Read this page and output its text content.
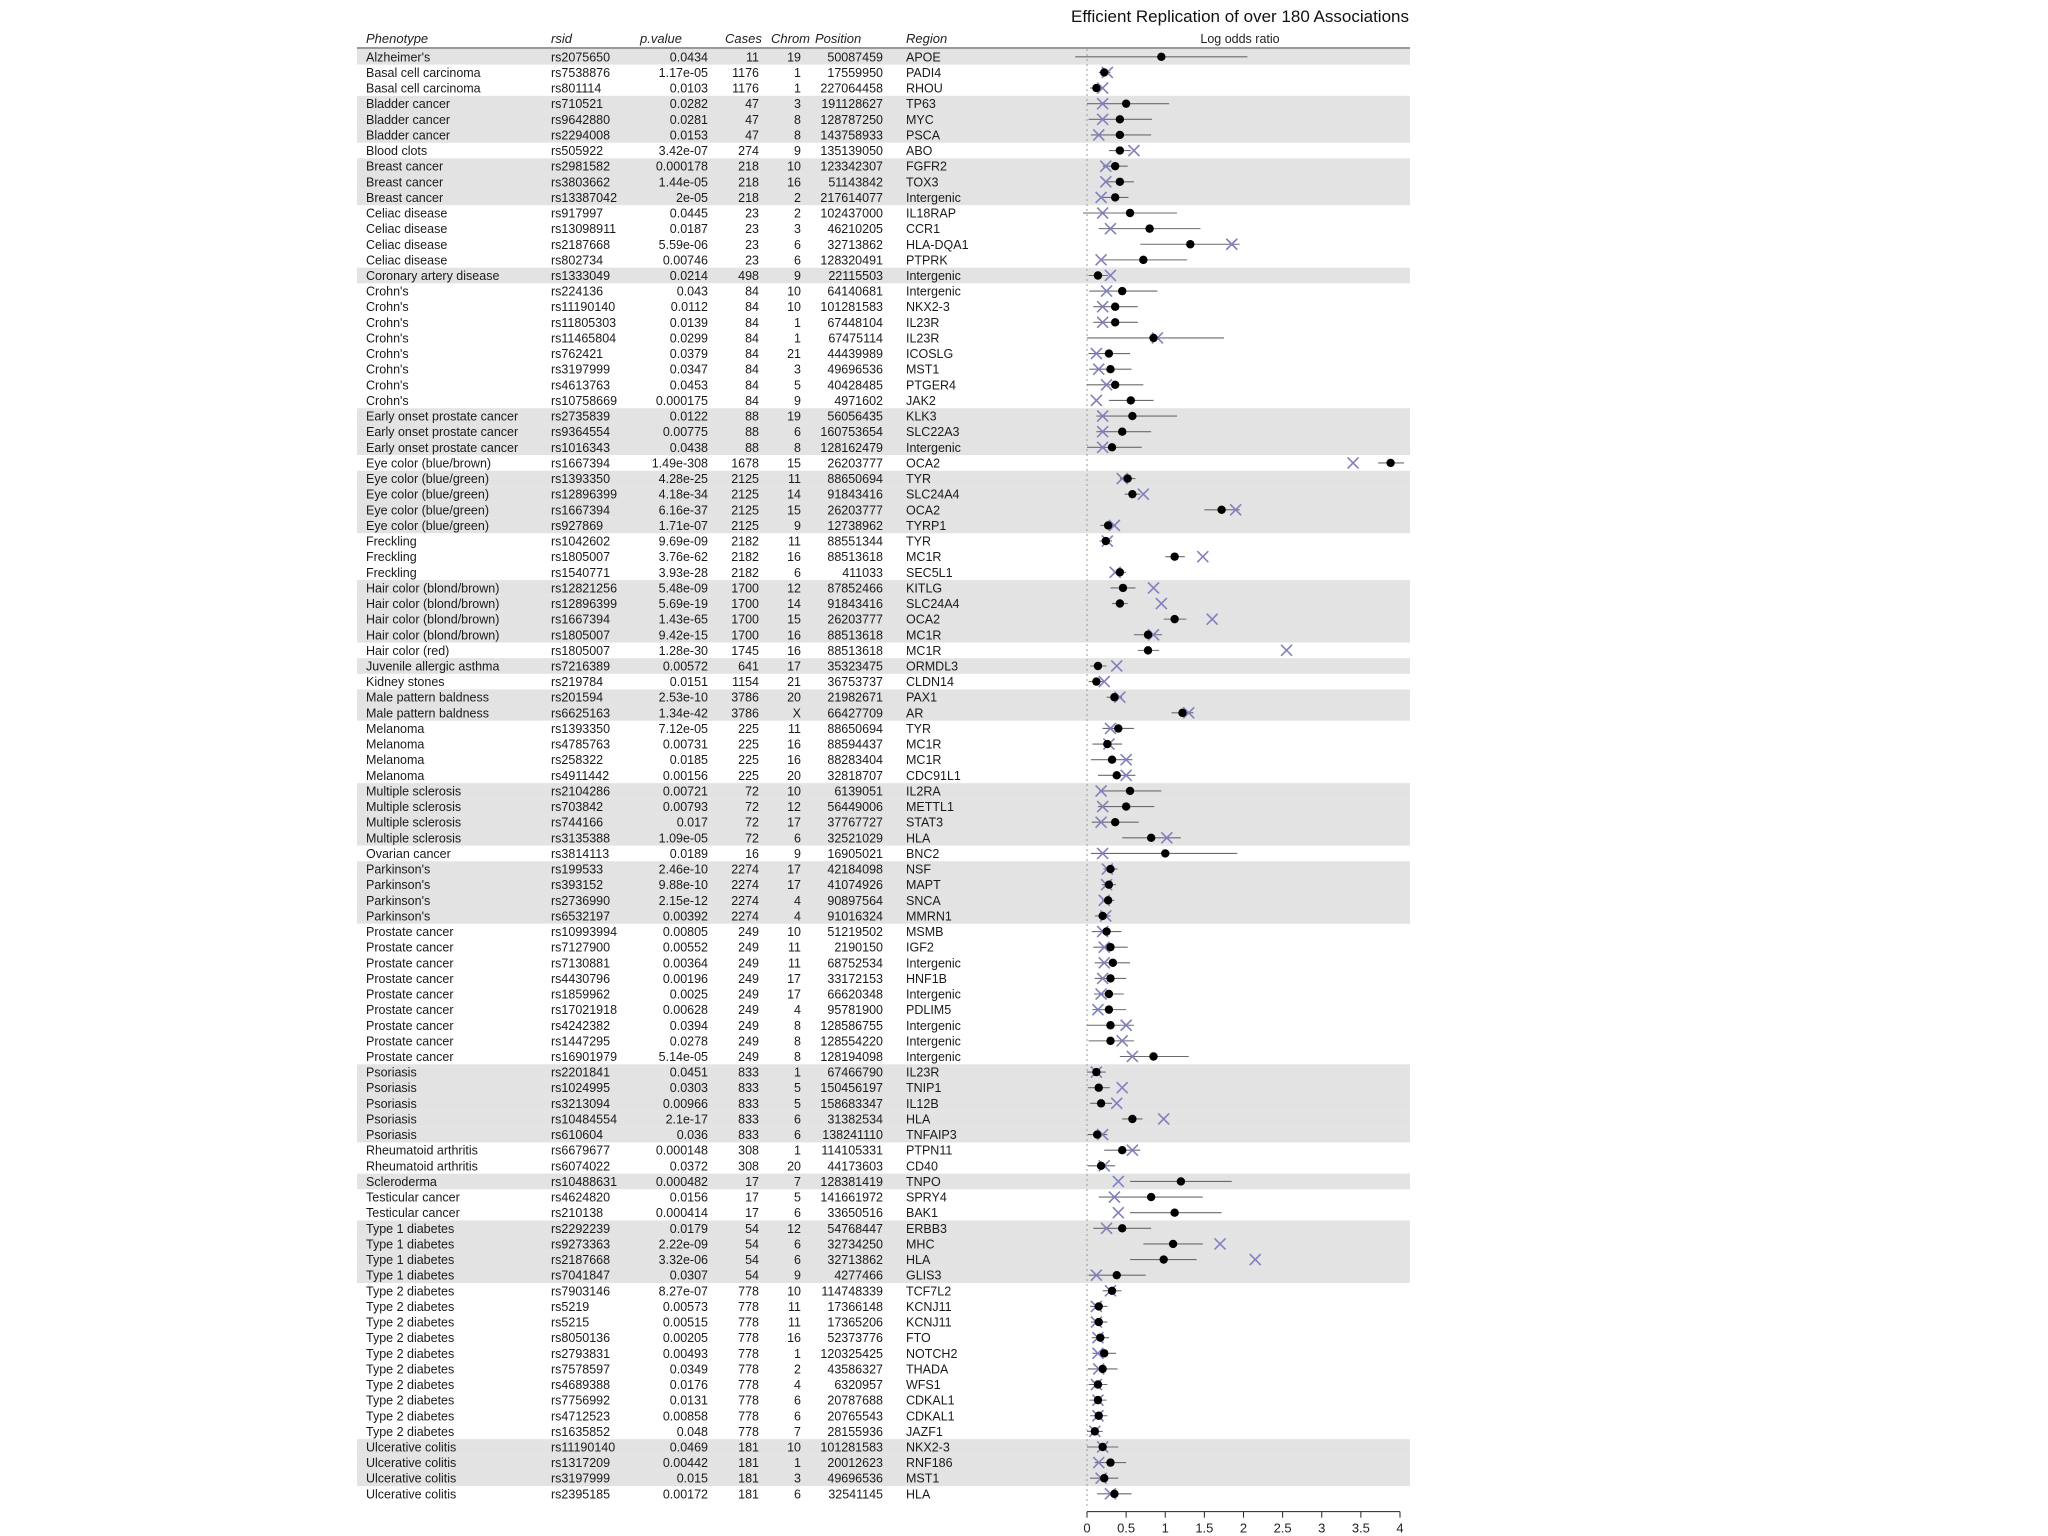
Efficient Replication of over 180 Associations
Phenotype	rsid	p.value	Cases Chrom Position	Region	Log odds ratio
Alzheimer's	rs2075650	0.0434	11 19 50087459 APOE
Basal cell carcinoma	rs7538876	1.17e-05 1176	1 17559950 PADI4
Basal cell carcinoma	rs801114	0.0103 1176	1 227064458 RHOU
Bladder cancer	rs710521	0.0282	47	3 191128627 TP63
Bladder cancer	rs9642880	0.0281	47	8 128787250 MYC
Bladder cancer	rs2294008	0.0153	47	8 143758933 PSCA
Blood clots	rs505922	3.42e-07 274	9 135139050 ABO
Breast cancer	rs2981582	0.000178 218 10 123342307 FGFR2
Breast cancer	rs3803662	1.44e-05 218 16 51143842 TOX3
Breast cancer	rs13387042	2e-05 218	2 217614077 Intergenic
Celiac disease	rs917997	0.0445	23	2 102437000 IL18RAP
Celiac disease	rs13098911	0.0187	23	3 46210205 CCR1
Celiac disease	rs2187668	5.59e-06	23	6 32713862 HLA-DQA1
Celiac disease	rs802734	0.00746	23	6 128320491 PTPRK
Coronary artery disease	rs1333049	0.0214 498	9 22115503 Intergenic
Crohn's	rs224136	0.043	84 10 64140681 Intergenic
Crohn's	rs11190140	0.0112	84 10 101281583 NKX2-3
Crohn's	rs11805303	0.0139	84	1 67448104 IL23R
Crohn's	rs11465804	0.0299	84	1 67475114 IL23R
Crohn's	rs762421	0.0379	84 21 44439989 ICOSLG
Crohn's	rs3197999	0.0347	84	3 49696536 MST1
Crohn's	rs4613763	0.0453	84	5 40428485 PTGER4
Crohn's	rs10758669	0.000175	84	9	4971602 JAK2
Early onset prostate cancer	rs2735839	0.0122	88 19 56056435 KLK3
Early onset prostate cancer	rs9364554	0.00775	88	6 160753654 SLC22A3
Early onset prostate cancer	rs1016343	0.0438	88	8 128162479 Intergenic
Eye color (blue/brown)	rs1667394	1.49e-308 1678 15 26203777 OCA2
Eye color (blue/green)	rs1393350	4.28e-25 2125 11 88650694 TYR
Eye color (blue/green)	rs12896399	4.18e-34 2125 14 91843416 SLC24A4
Eye color (blue/green)	rs1667394	6.16e-37 2125 15 26203777 OCA2
Eye color (blue/green)	rs927869	1.71e-07 2125	9 12738962 TYRP1
Freckling	rs1042602	9.69e-09 2182 11 88551344 TYR
Freckling	rs1805007	3.76e-62 2182 16 88513618 MC1R
Freckling	rs1540771	3.93e-28 2182	6	411033 SEC5L1
Hair color (blond/brown)	rs12821256	5.48e-09 1700 12 87852466 KITLG
Hair color (blond/brown)	rs12896399	5.69e-19 1700 14 91843416 SLC24A4
Hair color (blond/brown)	rs1667394	1.43e-65 1700 15 26203777 OCA2
Hair color (blond/brown)	rs1805007	9.42e-15 1700 16 88513618 MC1R
Hair color (red)	rs1805007	1.28e-30 1745 16 88513618 MC1R
Juvenile allergic asthma	rs7216389	0.00572 641 17 35323475 ORMDL3
Kidney stones	rs219784	0.0151 1154 21 36753737 CLDN14
Male pattern baldness	rs201594	2.53e-10 3786 20 21982671 PAX1
Male pattern baldness	rs6625163	1.34e-42 3786	X 66427709 AR
Melanoma	rs1393350	7.12e-05 225 11 88650694 TYR
Melanoma	rs4785763	0.00731 225 16 88594437 MC1R
Melanoma	rs258322	0.0185 225 16 88283404 MC1R
Melanoma	rs4911442	0.00156 225 20 32818707 CDC91L1
Multiple sclerosis	rs2104286	0.00721	72 10	6139051 IL2RA
Multiple sclerosis	rs703842	0.00793	72 12 56449006 METTL1
Multiple sclerosis	rs744166	0.017	72 17 37767727 STAT3
Multiple sclerosis	rs3135388	1.09e-05	72	6 32521029 HLA
Ovarian cancer	rs3814113	0.0189	16	9 16905021 BNC2
Parkinson's	rs199533	2.46e-10 2274 17 42184098 NSF
Parkinson's	rs393152	9.88e-10 2274 17 41074926 MAPT
Parkinson's	rs2736990	2.15e-12 2274	4 90897564 SNCA
Parkinson's	rs6532197	0.00392 2274	4 91016324 MMRN1
Prostate cancer	rs10993994	0.00805 249 10 51219502 MSMB
Prostate cancer	rs7127900	0.00552 249 11	2190150 IGF2
Prostate cancer	rs7130881	0.00364 249 11 68752534 Intergenic
Prostate cancer	rs4430796	0.00196 249 17 33172153 HNF1B
Prostate cancer	rs1859962	0.0025 249 17 66620348 Intergenic
Prostate cancer	rs17021918	0.00628 249	4 95781900 PDLIM5
Prostate cancer	rs4242382	0.0394 249	8 128586755 Intergenic
Prostate cancer	rs1447295	0.0278 249	8 128554220 Intergenic
Prostate cancer	rs16901979	5.14e-05 249	8 128194098 Intergenic
Psoriasis	rs2201841	0.0451 833	1 67466790 IL23R
Psoriasis	rs1024995	0.0303 833	5 150456197 TNIP1
Psoriasis	rs3213094	0.00966 833	5 158683347 IL12B
Psoriasis	rs10484554	2.1e-17 833	6 31382534 HLA
Psoriasis	rs610604	0.036 833	6 138241110 TNFAIP3
Rheumatoid arthritis	rs6679677	0.000148 308	1 114105331 PTPN11
Rheumatoid arthritis	rs6074022	0.0372 308 20 44173603 CD40
Scleroderma	rs10488631	0.000482	17	7 128381419 TNPO
Testicular cancer	rs4624820	0.0156	17	5 141661972 SPRY4
Testicular cancer	rs210138	0.000414	17	6 33650516 BAK1
Type 1 diabetes	rs2292239	0.0179	54 12 54768447 ERBB3
Type 1 diabetes	rs9273363	2.22e-09	54	6 32734250 MHC
Type 1 diabetes	rs2187668	3.32e-06	54	6 32713862 HLA
Type 1 diabetes	rs7041847	0.0307	54	9	4277466 GLIS3
Type 2 diabetes	rs7903146	8.27e-07 778 10 114748339 TCF7L2
Type 2 diabetes	rs5219	0.00573 778 11 17366148 KCNJ11
Type 2 diabetes	rs5215	0.00515 778 11 17365206 KCNJ11
Type 2 diabetes	rs8050136	0.00205 778 16 52373776 FTO
Type 2 diabetes	rs2793831	0.00493 778	1 120325425 NOTCH2
Type 2 diabetes	rs7578597	0.0349 778	2 43586327 THADA
Type 2 diabetes	rs4689388	0.0176 778	4	6320957 WFS1
Type 2 diabetes	rs7756992	0.0131 778	6 20787688 CDKAL1
Type 2 diabetes	rs4712523	0.00858 778	6 20765543 CDKAL1
Type 2 diabetes	rs1635852	0.048 778	7 28155936 JAZF1
Ulcerative colitis	rs11190140	0.0469 181 10 101281583 NKX2-3
Ulcerative colitis	rs1317209	0.00442 181	1 20012623 RNF186
Ulcerative colitis	rs3197999	0.015 181	3 49696536 MST1
Ulcerative colitis	rs2395185	0.00172 181	6 32541145 HLA
0 0.5 1 1.5 2 2.5 3 3.5 4
